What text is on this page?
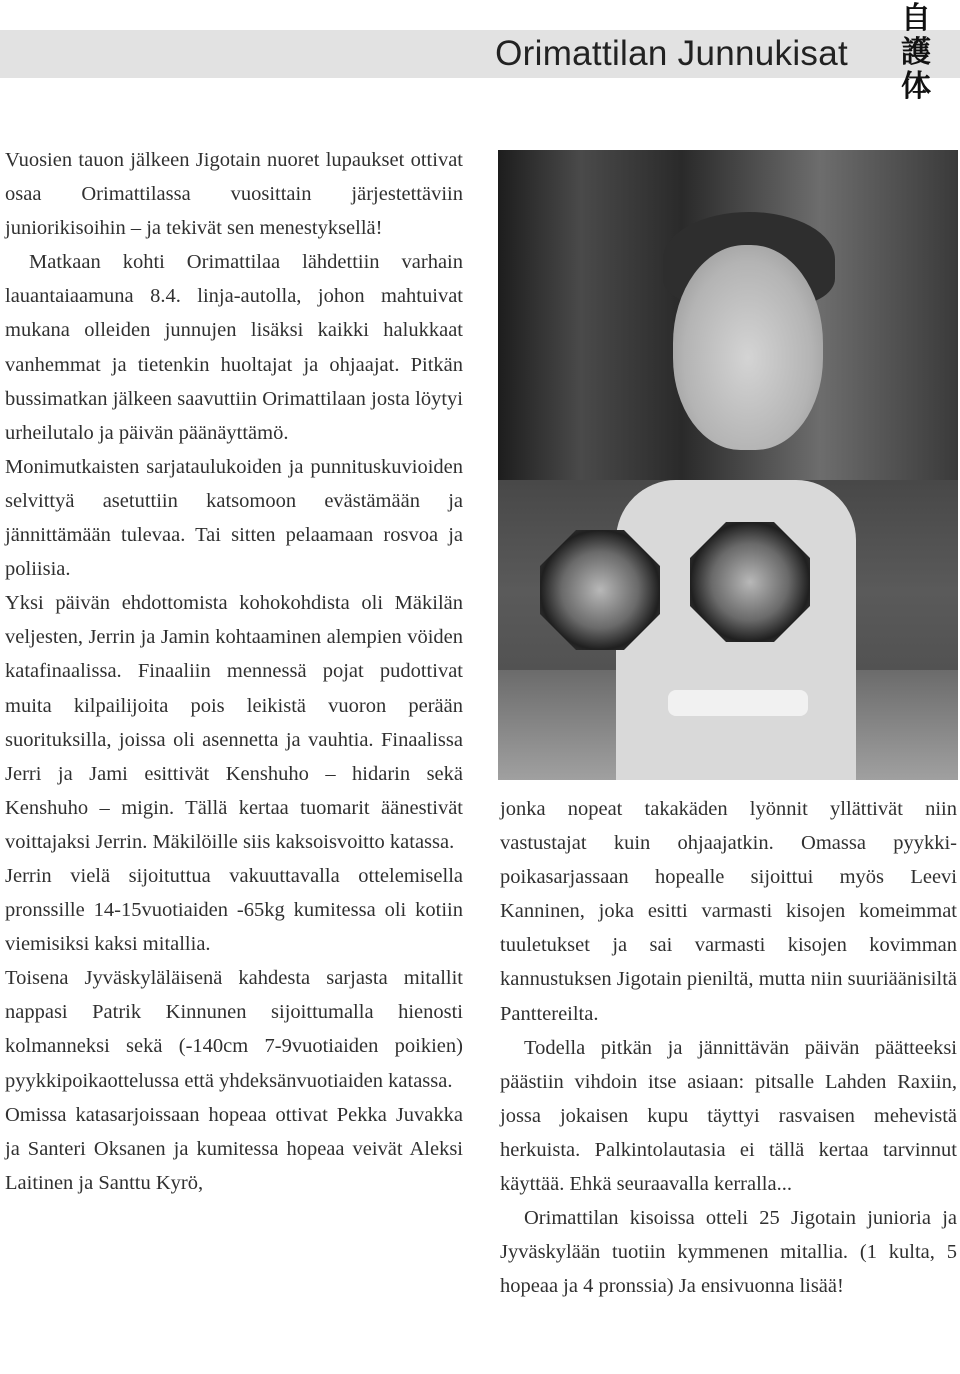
Orimattilan Junnukisat
自
護
体

Vuosien tauon jälkeen Jigotain nuoret lupaukset ottivat osaa Orimattilassa vuosittain järjestettäviin juniorikisoihin – ja tekivät sen menestyksellä!

Matkaan kohti Orimattilaa lähdettiin varhain lauantaiaamuna 8.4. linja-autolla, johon mahtuivat mukana olleiden junnujen lisäksi kaikki halukkaat vanhemmat ja tietenkin huoltajat ja ohjaajat. Pitkän bussimatkan jälkeen saavuttiin Orimattilaan josta löytyi urheilutalo ja päivän päänäyttämö.

Monimutkaisten sarjataulukoiden ja punnituskuvioiden selvittyä asetuttiin katsomoon evästämään ja jännittämään tulevaa. Tai sitten pelaamaan rosvoa ja poliisia.

Yksi päivän ehdottomista kohokohdista oli Mäkilän veljesten, Jerrin ja Jamin kohtaaminen alempien vöiden katafinaalissa. Finaaliin mennessä pojat pudottivat muita kilpailijoita pois leikistä vuoron perään suorituksilla, joissa oli asennetta ja vauhtia. Finaalissa Jerri ja Jami esittivät Kenshuho – hidarin sekä Kenshuho – migin. Tällä kertaa tuomarit äänestivät voittajaksi Jerrin. Mäkilöille siis kaksoisvoitto katassa.

Jerrin vielä sijoituttua vakuuttavalla ottelemisella pronssille 14-15vuotiaiden -65kg kumitessa oli kotiin viemisiksi kaksi mitallia.

Toisena Jyväskyläläisenä kahdesta sarjasta mitallit nappasi Patrik Kinnunen sijoittumalla hienosti kolmanneksi sekä (-140cm 7-9vuotiaiden poikien) pyykkipoikaottelussa että yhdeksänvuotiaiden katassa.

Omissa katasarjoissaan hopeaa ottivat Pekka Juvakka ja Santeri Oksanen ja kumitessa hopeaa veivät Aleksi Laitinen ja Santtu Kyrö,

jonka nopeat takakäden lyönnit yllättivät niin vastustajat kuin ohjaajatkin. Omassa pyykkipoikasarjassaan hopealle sijoittui myös Leevi Kanninen, joka esitti varmasti kisojen komeimmat tuuletukset ja sai varmasti kisojen kovimman kannustuksen Jigotain pieniltä, mutta niin suuriäänisiltä Panttereilta.

Todella pitkän ja jännittävän päivän päätteeksi päästiin vihdoin itse asiaan: pitsalle Lahden Raxiin, jossa jokaisen kupu täyttyi rasvaisen mehevistä herkuista. Palkintolautasia ei tällä kertaa tarvinnut käyttää. Ehkä seuraavalla kerralla...

Orimattilan kisoissa otteli 25 Jigotain junioria ja Jyväskylään tuotiin kymmenen mitallia. (1 kulta, 5 hopeaa ja 4 pronssia) Ja ensivuonna lisää!
